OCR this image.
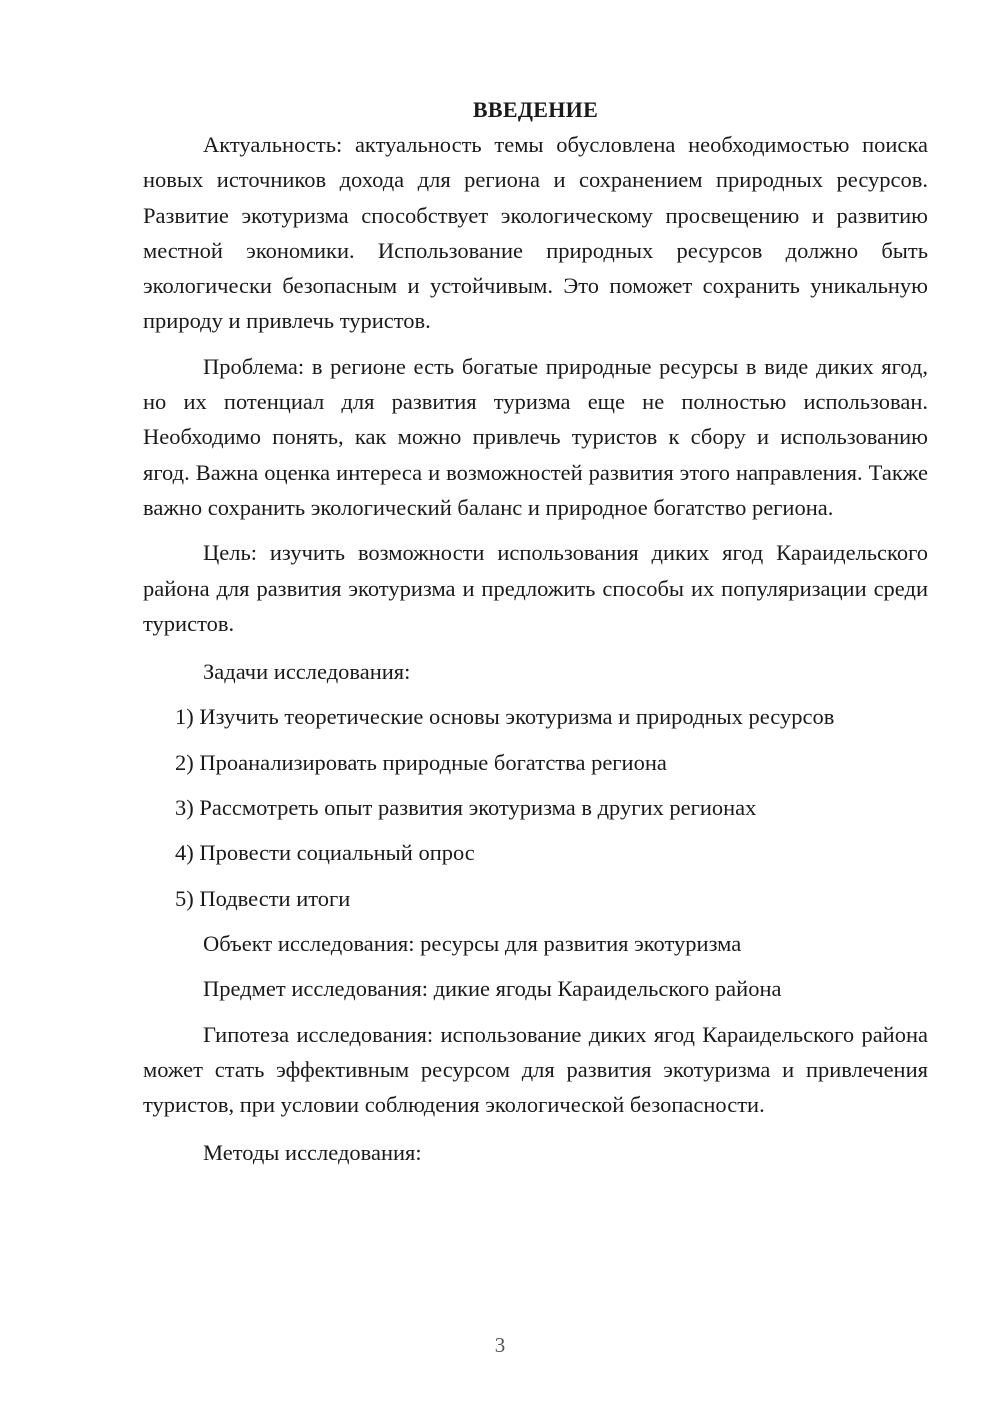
ВВЕДЕНИЕ

Актуальность: актуальность темы обусловлена необходимостью поиска новых источников дохода для региона и сохранением природных ресурсов. Развитие экотуризма способствует экологическому просвещению и развитию местной экономики. Использование природных ресурсов должно быть экологически безопасным и устойчивым. Это поможет сохранить уникальную природу и привлечь туристов.

Проблема: в регионе есть богатые природные ресурсы в виде диких ягод, но их потенциал для развития туризма еще не полностью использован. Необходимо понять, как можно привлечь туристов к сбору и использованию ягод. Важна оценка интереса и возможностей развития этого направления. Также важно сохранить экологический баланс и природное богатство региона.

Цель: изучить возможности использования диких ягод Караидельского района для развития экотуризма и предложить способы их популяризации среди туристов.

Задачи исследования:

1) Изучить теоретические основы экотуризма и природных ресурсов

2) Проанализировать природные богатства региона

3) Рассмотреть опыт развития экотуризма в других регионах

4) Провести социальный опрос

5) Подвести итоги

Объект исследования: ресурсы для развития экотуризма

Предмет исследования: дикие ягоды Караидельского района

Гипотеза исследования: использование диких ягод Караидельского района может стать эффективным ресурсом для развития экотуризма и привлечения туристов, при условии соблюдения экологической безопасности.

Методы исследования:

3
